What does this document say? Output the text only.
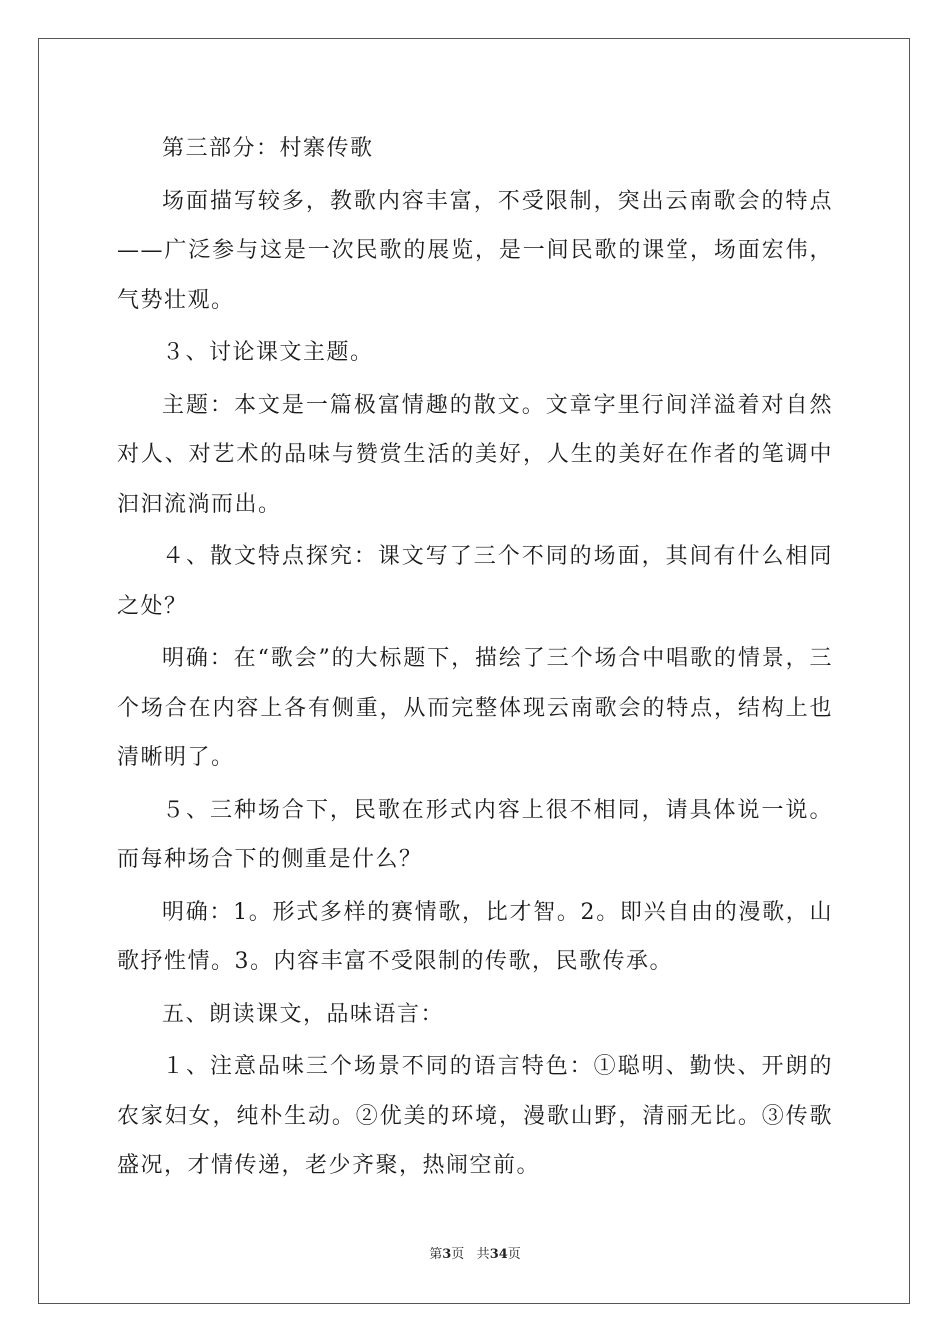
第三部分：村寨传歌

场面描写较多，教歌内容丰富，不受限制，突出云南歌会的特点——广泛参与这是一次民歌的展览，是一间民歌的课堂，场面宏伟，气势壮观。

３、讨论课文主题。

主题：本文是一篇极富情趣的散文。文章字里行间洋溢着对自然对人、对艺术的品味与赞赏生活的美好，人生的美好在作者的笔调中汩汩流淌而出。

４、散文特点探究：课文写了三个不同的场面，其间有什么相同之处？

明确：在“歌会”的大标题下，描绘了三个场合中唱歌的情景，三个场合在内容上各有侧重，从而完整体现云南歌会的特点，结构上也清晰明了。

５、三种场合下，民歌在形式内容上很不相同，请具体说一说。而每种场合下的侧重是什么？

明确：1。形式多样的赛情歌，比才智。2。即兴自由的漫歌，山歌抒性情。3。内容丰富不受限制的传歌，民歌传承。

五、朗读课文，品味语言：

１、注意品味三个场景不同的语言特色：①聪明、勤快、开朗的农家妇女，纯朴生动。②优美的环境，漫歌山野，清丽无比。③传歌盛况，才情传递，老少齐聚，热闹空前。

第3页 共34页
